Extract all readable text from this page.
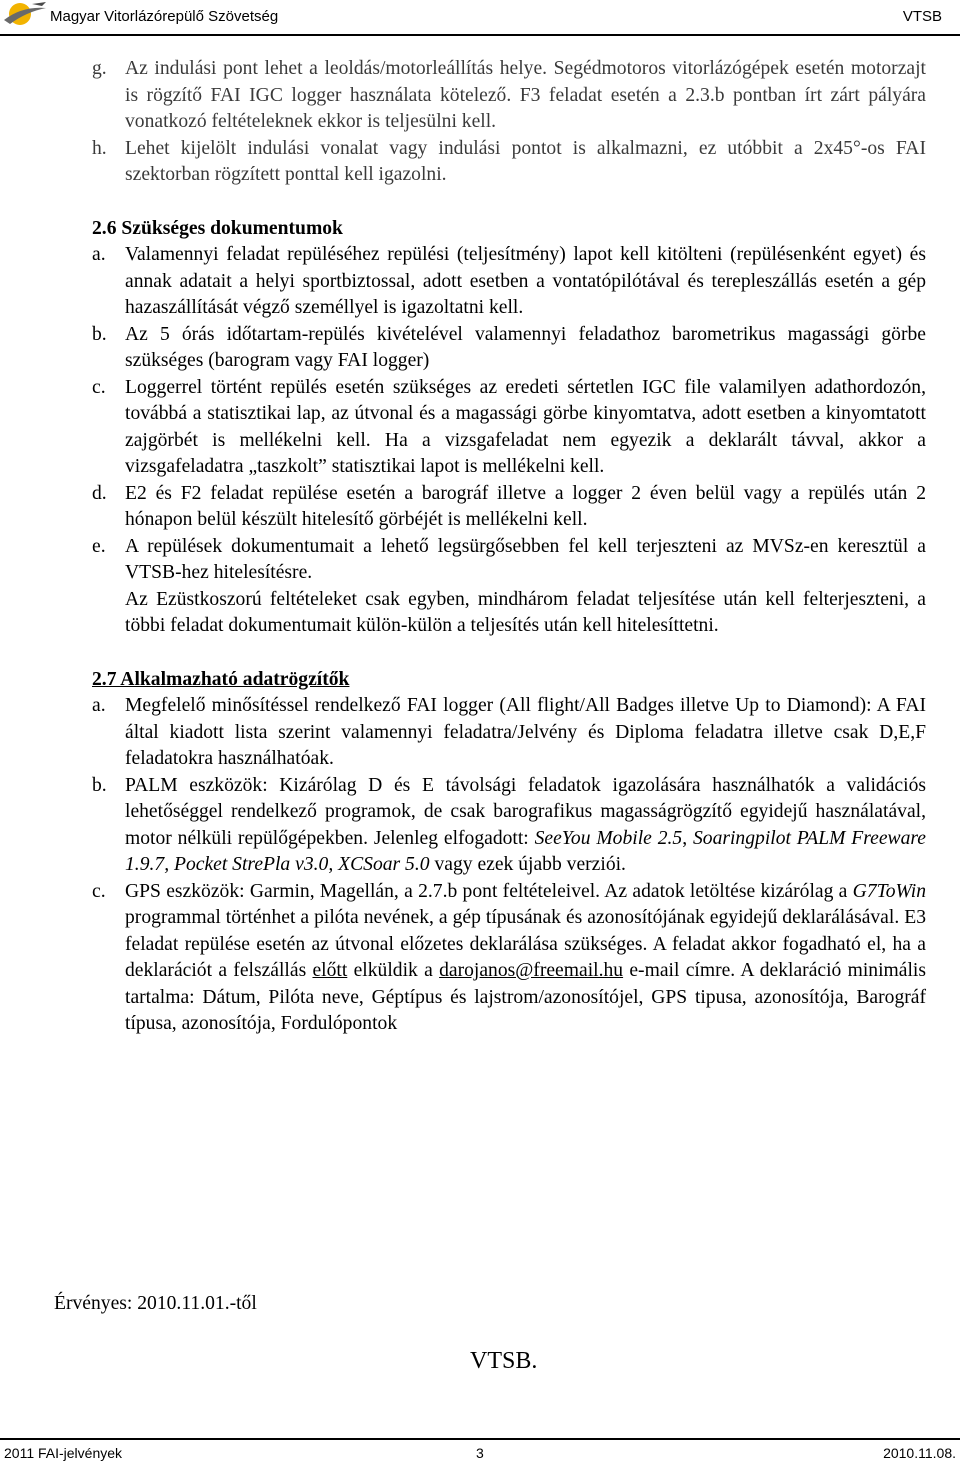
Magyar Vitorlázórepülő Szövetség	VTSB
g. Az indulási pont lehet a leoldás/motorleállítás helye. Segédmotoros vitorlázógépek esetén motorzajt is rögzítő FAI IGC logger használata kötelező. F3 feladat esetén a 2.3.b pontban írt zárt pályára vonatkozó feltételeknek ekkor is teljesülni kell.
h. Lehet kijelölt indulási vonalat vagy indulási pontot is alkalmazni, ez utóbbit a 2x45°-os FAI szektorban rögzített ponttal kell igazolni.
2.6 Szükséges dokumentumok
a. Valamennyi feladat repüléséhez repülési (teljesítmény) lapot kell kitölteni (repülésenként egyet) és annak adatait a helyi sportbiztossal, adott esetben a vontatópilótával és terepleszállás esetén a gép hazaszállítását végző személlyel is igazoltatni kell.
b. Az 5 órás időtartam-repülés kivételével valamennyi feladathoz barometrikus magassági görbe szükséges (barogram vagy FAI logger)
c. Loggerrel történt repülés esetén szükséges az eredeti sértetlen IGC file valamilyen adathordozón, továbbá a statisztikai lap, az útvonal és a magassági görbe kinyomtatva, adott esetben a kinyomtatott zajgörbét is mellékelni kell. Ha a vizsgafeladat nem egyezik a deklarált távval, akkor a vizsgafeladatra „taszkolt” statisztikai lapot is mellékelni kell.
d. E2 és F2 feladat repülése esetén a barográf illetve a logger 2 éven belül vagy a repülés után 2 hónapon belül készült hitelesítő görbéjét is mellékelni kell.
e. A repülések dokumentumait a lehető legsürgősebben fel kell terjeszteni az MVSz-en keresztül a VTSB-hez hitelesítésre.
Az Ezüstkoszorú feltételeket csak egyben, mindhárom feladat teljesítése után kell felterjeszteni, a többi feladat dokumentumait külön-külön a teljesítés után kell hitelesíttetni.
2.7 Alkalmazható adatrögzítők
a. Megfelelő minősítéssel rendelkező FAI logger (All flight/All Badges illetve Up to Diamond): A FAI által kiadott lista szerint valamennyi feladatra/Jelvény és Diploma feladatra illetve csak D,E,F feladatokra használhatóak.
b. PALM eszközök: Kizárólag D és E távolsági feladatok igazolására használhatók a validációs lehetőséggel rendelkező programok, de csak barografikus magasságrögzítő egyidejű használatával, motor nélküli repülőgépekben. Jelenleg elfogadott: SeeYou Mobile 2.5, Soaringpilot PALM Freeware 1.9.7, Pocket StrePla v3.0, XCSoar 5.0 vagy ezek újabb verziói.
c. GPS eszközök: Garmin, Magellán, a 2.7.b pont feltételeivel. Az adatok letöltése kizárólag a G7ToWin programmal történhet a pilóta nevének, a gép típusának és azonosítójának egyidejű deklarálásával. E3 feladat repülése esetén az útvonal előzetes deklarálása szükséges. A feladat akkor fogadható el, ha a deklarációt a felszállás előtt elküldik a darojanos@freemail.hu e-mail címre. A deklaráció minimális tartalma: Dátum, Pilóta neve, Géptípus és lajstrom/azonosítójel, GPS tipusa, azonosítója, Barográf típusa, azonosítója, Fordulópontok
Érvényes: 2010.11.01.-től
VTSB.
2011 FAI-jelvények	3	2010.11.08.
